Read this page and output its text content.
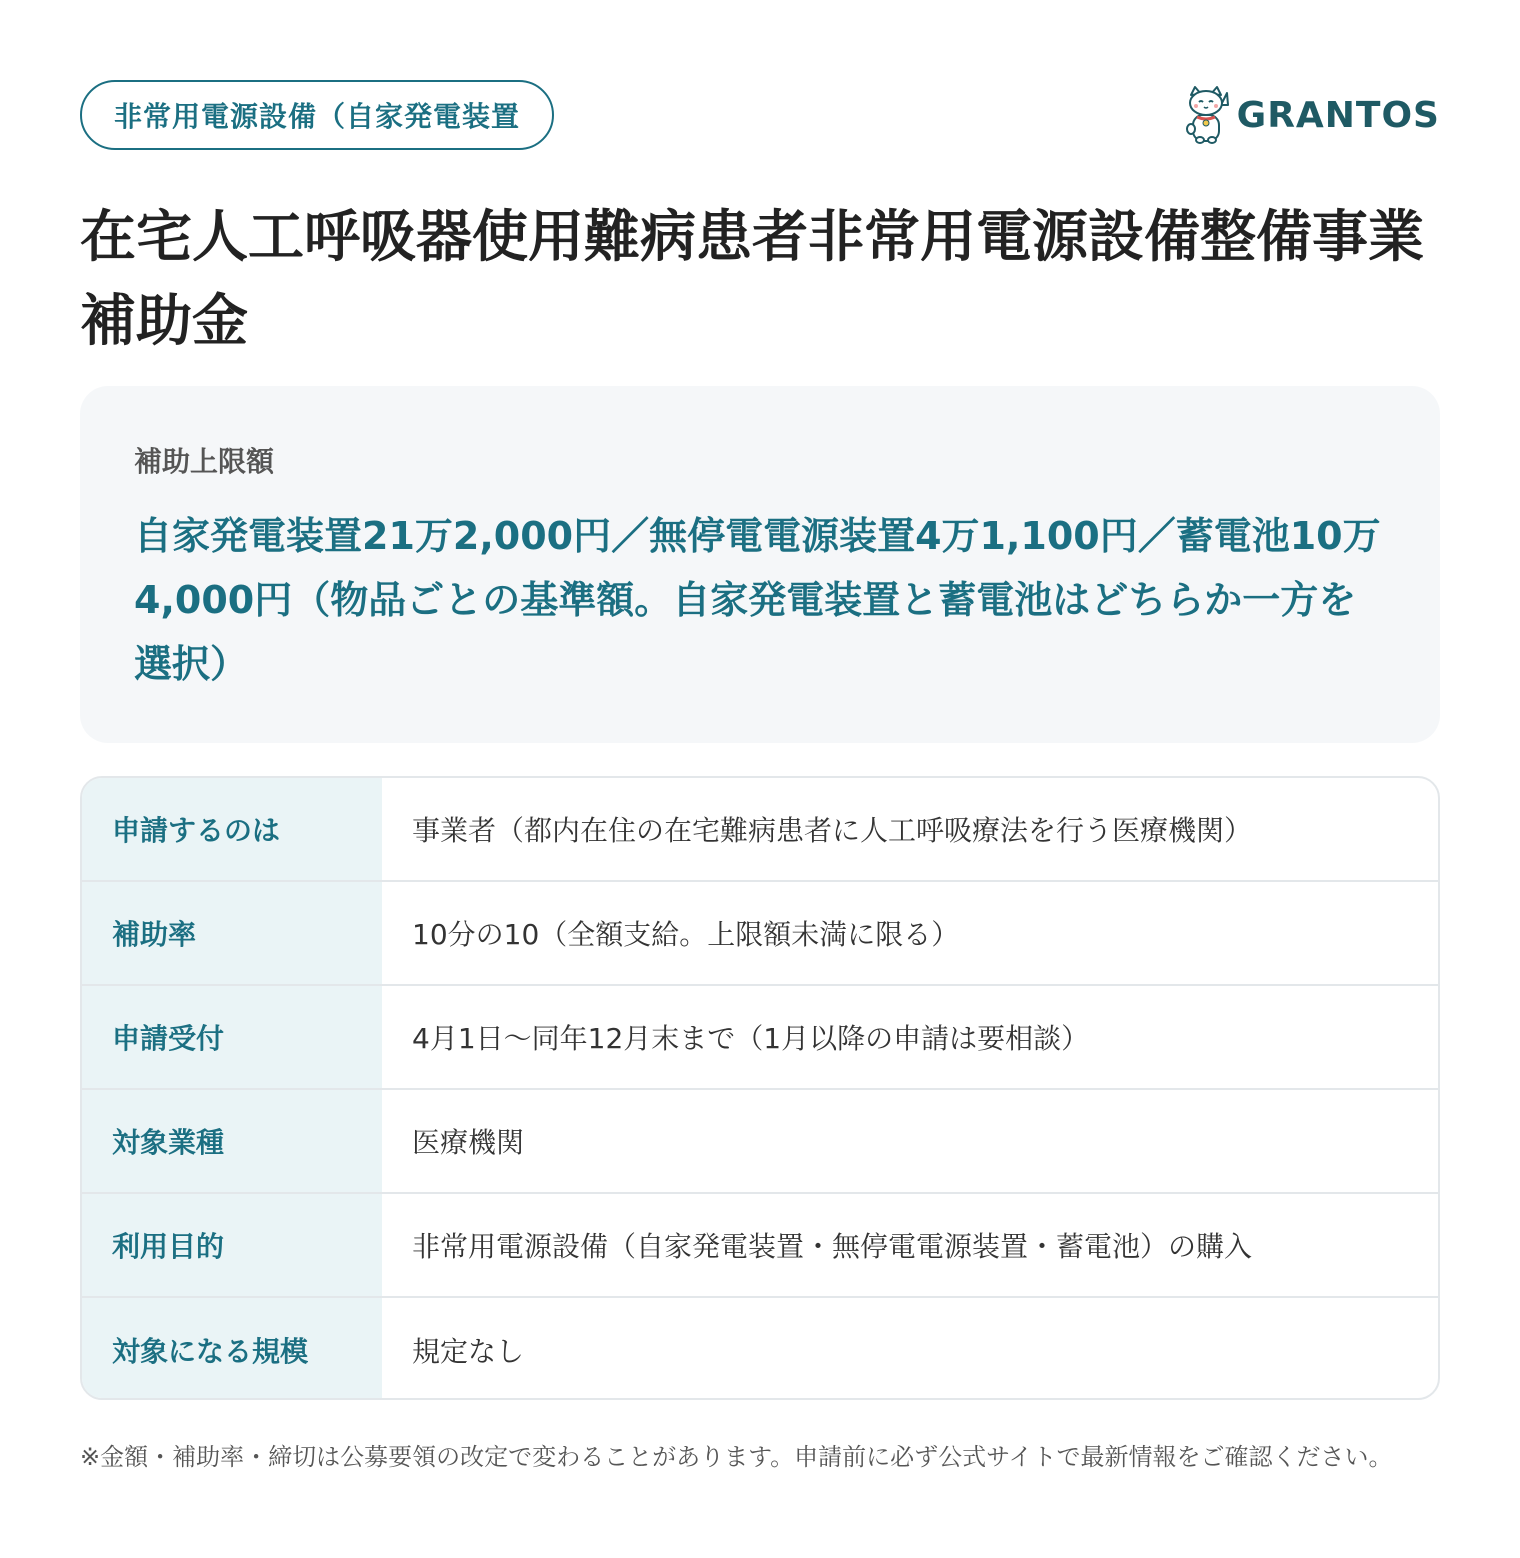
非常用電源設備（自家発電装置	GRANTOS
在宅人工呼吸器使用難病患者非常用電源設備整備事業補助金
補助上限額
自家発電装置21万2,000円／無停電電源装置4万1,100円／蓄電池10万4,000円（物品ごとの基準額。自家発電装置と蓄電池はどちらか一方を選択）
申請するのは	事業者（都内在住の在宅難病患者に人工呼吸療法を行う医療機関）
補助率	10分の10（全額支給。上限額未満に限る）
申請受付	4月1日〜同年12月末まで（1月以降の申請は要相談）
対象業種	医療機関
利用目的	非常用電源設備（自家発電装置・無停電電源装置・蓄電池）の購入
対象になる規模	規定なし

※金額・補助率・締切は公募要領の改定で変わることがあります。申請前に必ず公式サイトで最新情報をご確認ください。
